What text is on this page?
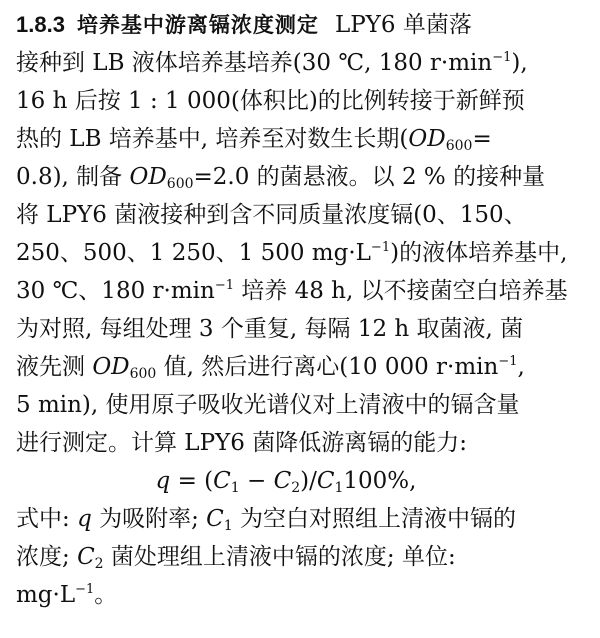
1.8.3 培养基中游离镉浓度测定 LPY6 单菌落
接种到 LB 液体培养基培养(30 ℃, 180 $r\cdot\min^{-1}$),
16 h 后按 1 : 1 000(体积比)的比例转接于新鲜预
热的 LB 培养基中, 培养至对数生长期($OD_{600}=$
0.8), 制备 $OD_{600}=2.0$ 的菌悬液。以 2 % 的接种量
将 LPY6 菌液接种到含不同质量浓度镉(0、150、
250、500、1 250、1 500 $mg\cdot L^{-1}$)的液体培养基中,
30 ℃、180 $r\cdot\min^{-1}$ 培养 48 h, 以不接菌空白培养基
为对照, 每组处理 3 个重复, 每隔 12 h 取菌液, 菌
液先测 $OD_{600}$ 值, 然后进行离心(10 000 $r\cdot\min^{-1}$,
5 min), 使用原子吸收光谱仪对上清液中的镉含量
进行测定。计算 LPY6 菌降低游离镉的能力:
$q = (C_1 - C_2)/C_1100\%$,
式中: q 为吸附率; $C_1$ 为空白对照组上清液中镉的
浓度; $C_2$ 菌处理组上清液中镉的浓度; 单位:
$mg\cdot L^{-1}$。
